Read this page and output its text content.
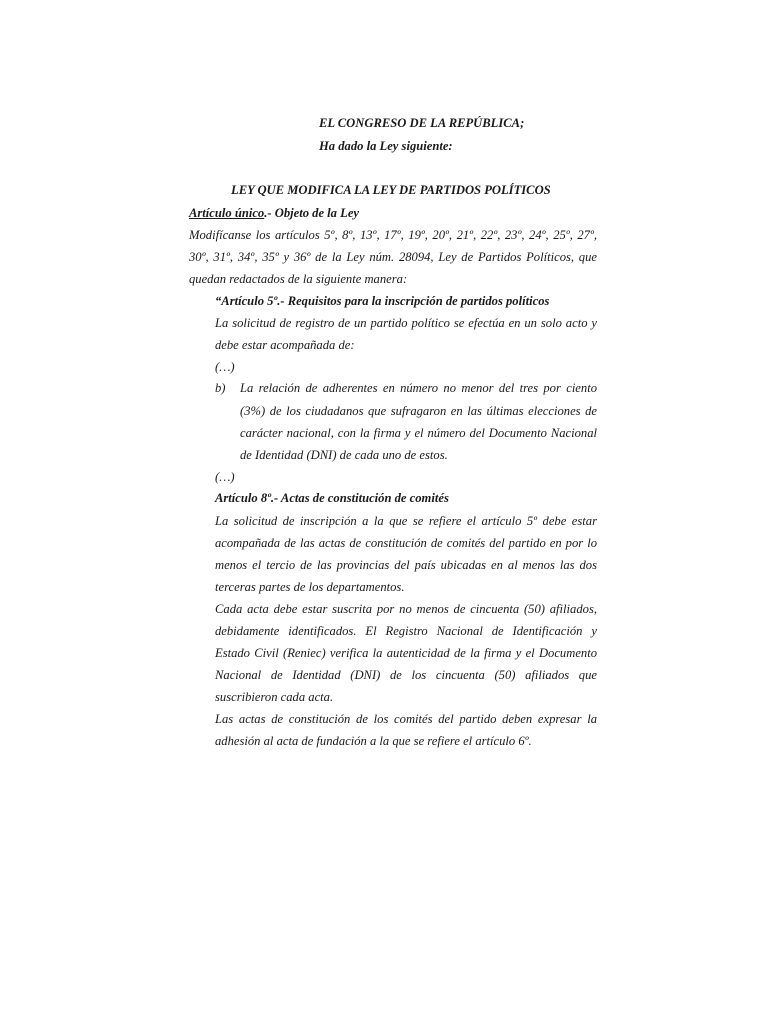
EL CONGRESO DE LA REPÚBLICA;
Ha dado la Ley siguiente:
LEY QUE MODIFICA LA LEY DE PARTIDOS POLÍTICOS
Artículo único.- Objeto de la Ley
Modifícanse los artículos 5º, 8º, 13º, 17º, 19º, 20º, 21º, 22º, 23º, 24º, 25º, 27º,
30º, 31º, 34º, 35º y 36º de la Ley núm. 28094, Ley de Partidos Políticos, que
quedan redactados de la siguiente manera:
“Artículo 5º.- Requisitos para la inscripción de partidos políticos
La solicitud de registro de un partido político se efectúa en un solo acto y
debe estar acompañada de:
(…)
b) La relación de adherentes en número no menor del tres por ciento
(3%) de los ciudadanos que sufragaron en las últimas elecciones de
carácter nacional, con la firma y el número del Documento Nacional
de Identidad (DNI) de cada uno de estos.
(…)
Artículo 8º.- Actas de constitución de comités
La solicitud de inscripción a la que se refiere el artículo 5º debe estar
acompañada de las actas de constitución de comités del partido en por lo
menos el tercio de las provincias del país ubicadas en al menos las dos
terceras partes de los departamentos.
Cada acta debe estar suscrita por no menos de cincuenta (50) afiliados,
debidamente identificados. El Registro Nacional de Identificación y
Estado Civil (Reniec) verifica la autenticidad de la firma y el Documento
Nacional de Identidad (DNI) de los cincuenta (50) afiliados que
suscribieron cada acta.
Las actas de constitución de los comités del partido deben expresar la
adhesión al acta de fundación a la que se refiere el artículo 6º.
